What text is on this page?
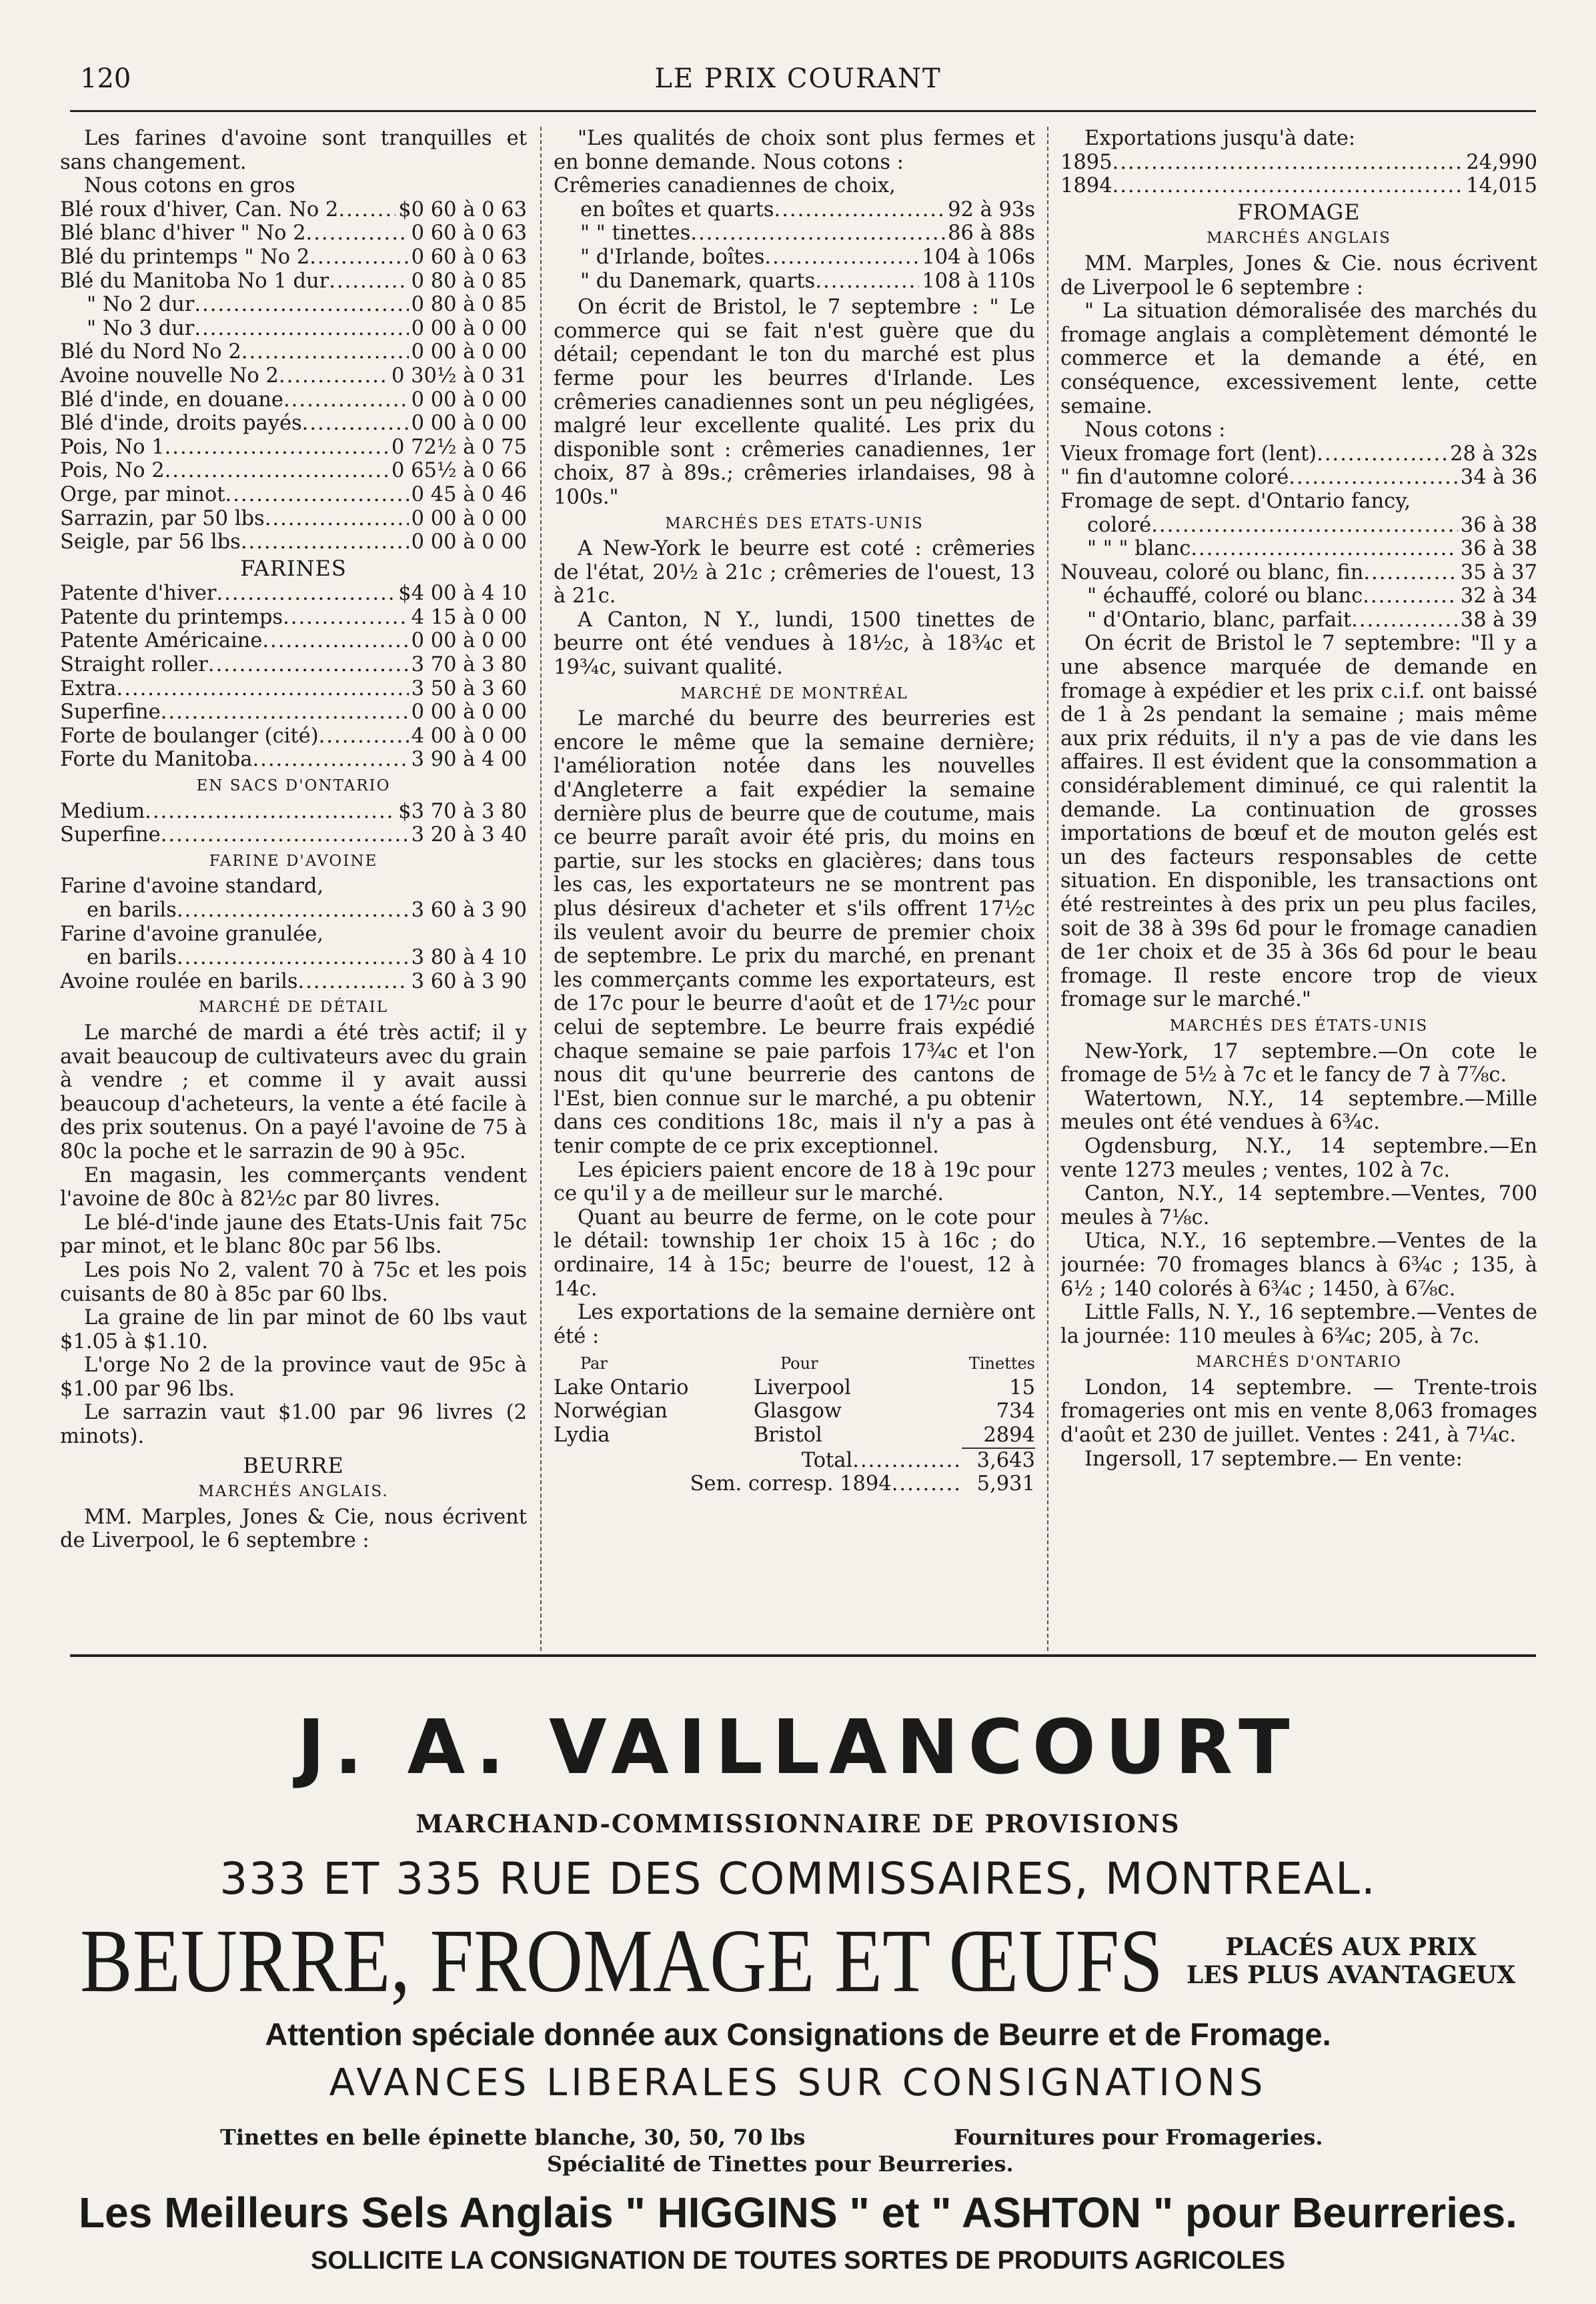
120	LE PRIX COURANT

Les farines d'avoine sont tranquilles et sans changement.

Nous cotons en gros

Blé roux d'hiver, Can. No 2 .....	$0 60 à 0 63
Blé blanc d'hiver " No 2 .....	0 60 à 0 63
Blé du printemps " No 2 .....	0 60 à 0 63
Blé du Manitoba No 1 dur .....	0 80 à 0 85
" No 2 dur .....	0 80 à 0 85
" No 3 dur .....	0 00 à 0 00
Blé du Nord No 2 .....	0 00 à 0 00
Avoine nouvelle No 2 .....	0 30½ à 0 31
Blé d'inde, en douane .....	0 00 à 0 00
Blé d'inde, droits payés .....	0 00 à 0 00
Pois, No 1 .....	0 72½ à 0 75
Pois, No 2 .....	0 65½ à 0 66
Orge, par minot .....	0 45 à 0 46
Sarrazin, par 50 lbs .....	0 00 à 0 00
Seigle, par 56 lbs .....	0 00 à 0 00
FARINES
Patente d'hiver .....	$4 00 à 4 10
Patente du printemps .....	4 15 à 0 00
Patente Américaine .....	0 00 à 0 00
Straight roller .....	3 70 à 3 80
Extra .....	3 50 à 3 60
Superfine .....	0 00 à 0 00
Forte de boulanger (cité) .....	4 00 à 0 00
Forte du Manitoba .....	3 90 à 4 00
EN SACS D'ONTARIO
Medium .....	$3 70 à 3 80
Superfine .....	3 20 à 3 40
FARINE D'AVOINE
Farine d'avoine standard,
en barils .....	3 60 à 3 90
Farine d'avoine granulée,
en barils .....	3 80 à 4 10
Avoine roulée en barils .....	3 60 à 3 90
MARCHÉ DE DÉTAIL

Le marché de mardi a été très actif; il y avait beaucoup de cultivateurs avec du grain à vendre ; et comme il y avait aussi beaucoup d'acheteurs, la vente a été facile à des prix soutenus. On a payé l'avoine de 75 à 80c la poche et le sarrazin de 90 à 95c.

En magasin, les commerçants vendent l'avoine de 80c à 82½c par 80 livres.

Le blé-d'inde jaune des Etats-Unis fait 75c par minot, et le blanc 80c par 56 lbs.

Les pois No 2, valent 70 à 75c et les pois cuisants de 80 à 85c par 60 lbs.

La graine de lin par minot de 60 lbs vaut $1.05 à $1.10.

L'orge No 2 de la province vaut de 95c à $1.00 par 96 lbs.

Le sarrazin vaut $1.00 par 96 livres (2 minots).

BEURRE
MARCHÉS ANGLAIS.

MM. Marples, Jones & Cie, nous écrivent de Liverpool, le 6 septembre :

"Les qualités de choix sont plus fermes et en bonne demande. Nous cotons :

Crêmeries canadiennes de choix,

en boîtes et quarts .....	92 à 93s
" " tinettes .....	86 à 88s
" d'Irlande, boîtes .....	104 à 106s
" du Danemark, quarts .....	108 à 110s

On écrit de Bristol, le 7 septembre : " Le commerce qui se fait n'est guère que du détail; cependant le ton du marché est plus ferme pour les beurres d'Irlande. Les crêmeries canadiennes sont un peu négligées, malgré leur excellente qualité. Les prix du disponible sont : crêmeries canadiennes, 1er choix, 87 à 89s.; crêmeries irlandaises, 98 à 100s."

MARCHÉS DES ETATS-UNIS

A New-York le beurre est coté : crêmeries de l'état, 20½ à 21c ; crêmeries de l'ouest, 13 à 21c.

A Canton, N Y., lundi, 1500 tinettes de beurre ont été vendues à 18½c, à 18¾c et 19¾c, suivant qualité.

MARCHÉ DE MONTRÉAL

Le marché du beurre des beurreries est encore le même que la semaine dernière; l'amélioration notée dans les nouvelles d'Angleterre a fait expédier la semaine dernière plus de beurre que de coutume, mais ce beurre paraît avoir été pris, du moins en partie, sur les stocks en glacières; dans tous les cas, les exportateurs ne se montrent pas plus désireux d'acheter et s'ils offrent 17½c ils veulent avoir du beurre de premier choix de septembre. Le prix du marché, en prenant les commerçants comme les exportateurs, est de 17c pour le beurre d'août et de 17½c pour celui de septembre. Le beurre frais expédié chaque semaine se paie parfois 17¾c et l'on nous dit qu'une beurrerie des cantons de l'Est, bien connue sur le marché, a pu obtenir dans ces conditions 18c, mais il n'y a pas à tenir compte de ce prix exceptionnel.

Les épiciers paient encore de 18 à 19c pour ce qu'il y a de meilleur sur le marché.

Quant au beurre de ferme, on le cote pour le détail: township 1er choix 15 à 16c ; do ordinaire, 14 à 15c; beurre de l'ouest, 12 à 14c.

Les exportations de la semaine dernière ont été :

Par	Pour	Tinettes
Lake Ontario	Liverpool	15
Norwégian	Glasgow	734
Lydia	Bristol	2894
Total .............. 3,643
Sem. corresp. 1894 ......... 5,931

Exportations jusqu'à date:

1895 .....	24,990
1894 .....	14,015
FROMAGE
MARCHÉS ANGLAIS

MM. Marples, Jones & Cie. nous écrivent de Liverpool le 6 septembre :

" La situation démoralisée des marchés du fromage anglais a complètement démonté le commerce et la demande a été, en conséquence, excessivement lente, cette semaine.

Nous cotons :

Vieux fromage fort (lent) .....	28 à 32s
" fin d'automne coloré .....	34 à 36

Fromage de sept. d'Ontario fancy,

coloré .....	36 à 38
" " " blanc .....	36 à 38
Nouveau, coloré ou blanc, fin .....	35 à 37
" échauffé, coloré ou blanc .....	32 à 34
" d'Ontario, blanc, parfait .....	38 à 39

On écrit de Bristol le 7 septembre: "Il y a une absence marquée de demande en fromage à expédier et les prix c.i.f. ont baissé de 1 à 2s pendant la semaine ; mais même aux prix réduits, il n'y a pas de vie dans les affaires. Il est évident que la consommation a considérablement diminué, ce qui ralentit la demande. La continuation de grosses importations de bœuf et de mouton gelés est un des facteurs responsables de cette situation. En disponible, les transactions ont été restreintes à des prix un peu plus faciles, soit de 38 à 39s 6d pour le fromage canadien de 1er choix et de 35 à 36s 6d pour le beau fromage. Il reste encore trop de vieux fromage sur le marché."

MARCHÉS DES ÉTATS-UNIS

New-York, 17 septembre.—On cote le fromage de 5½ à 7c et le fancy de 7 à 7⅞c.

Watertown, N.Y., 14 septembre.—Mille meules ont été vendues à 6¾c.

Ogdensburg, N.Y., 14 septembre.—En vente 1273 meules ; ventes, 102 à 7c.

Canton, N.Y., 14 septembre.—Ventes, 700 meules à 7⅛c.

Utica, N.Y., 16 septembre.—Ventes de la journée: 70 fromages blancs à 6¾c ; 135, à 6½ ; 140 colorés à 6¾c ; 1450, à 6⅞c.

Little Falls, N. Y., 16 septembre.—Ventes de la journée: 110 meules à 6¾c; 205, à 7c.

MARCHÉS D'ONTARIO

London, 14 septembre. — Trente-trois fromageries ont mis en vente 8,063 fromages d'août et 230 de juillet. Ventes : 241, à 7¼c.

Ingersoll, 17 septembre.— En vente:

J. A. VAILLANCOURT
MARCHAND-COMMISSIONNAIRE DE PROVISIONS
333 ET 335 RUE DES COMMISSAIRES, MONTREAL.
BEURRE, FROMAGE ET ŒUFS	PLACÉS AUX PRIX
LES PLUS AVANTAGEUX
Attention spéciale donnée aux Consignations de Beurre et de Fromage.
AVANCES LIBERALES SUR CONSIGNATIONS
Tinettes en belle épinette blanche, 30, 50, 70 lbs	Fournitures pour Fromageries.
Spécialité de Tinettes pour Beurreries.
Les Meilleurs Sels Anglais " HIGGINS " et " ASHTON " pour Beurreries.
SOLLICITE LA CONSIGNATION DE TOUTES SORTES DE PRODUITS AGRICOLES
